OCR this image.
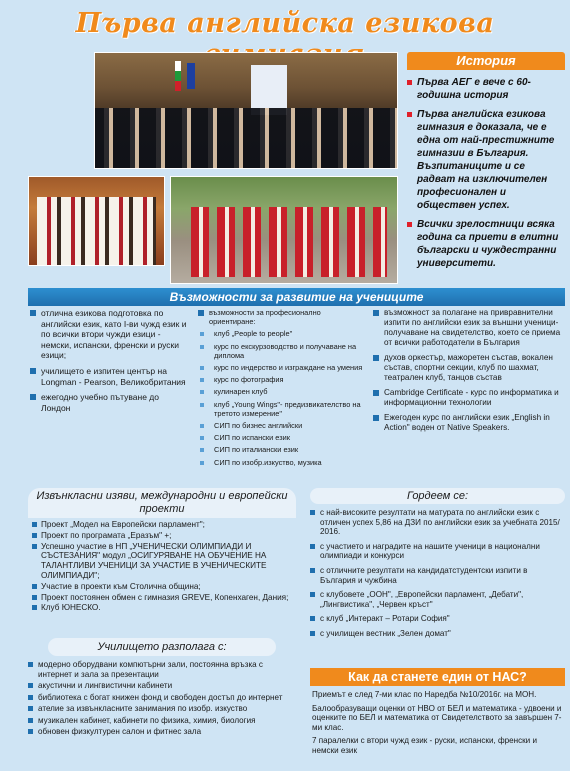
Първа английска езикова
История
Първа АЕГ е вече с 60-годишна история
Първа английска езикова гимназия е доказала, че е една от най-престижните гимназии в България. Възпитаниците и се радват на изключителен професионален и обществен успех.
Всички зрелостници всяка година са приети в елитни български и чуждестранни университети.
Възможности за развитие на учениците
отлична езикова подготовка по английски език, като I-ви чужд език и по всички втори чужди езици - немски, испански, френски и руски езици;
училището е изпитен център на Longman - Pearson, Великобритания
ежегодно учебно пътуване до Лондон
възможности за професионално ориентиране:
клуб „People to people"
курс по екскурзоводство и получаване на диплома
курс по индерство и изграждане на умения
курс по фотография
кулинарен клуб
клуб „Young Wings"- предизвикателство на третото измерение"
СИП по бизнес английски
СИП по испански език
СИП по италиански език
СИП по изобр.изкуство, музика
възможност за полагане на привравнителни изпити по английски език за външни ученици- получаване на свидетелство, което се приема от всички работодатели в България
духов оркестър, мажоретен състав, вокален състав, спортни секции, клуб по шахмат, театрален клуб, танцов състав
Cambridge Certificate - курс по информатика и информационни технологии
Ежегоден курс по английски език „English in Action" воден от Native Speakers.
Извънкласни изяви, международни и европейски проекти
Проект „Модел на Европейски парламент";
Проект по програмата „Еразъм" +;
Успешно участие в НП „УЧЕНИЧЕСКИ ОЛИМПИАДИ И СЪСТЕЗАНИЯ" модул „ОСИГУРЯВАНЕ НА ОБУЧЕНИЕ НА ТАЛАНТЛИВИ УЧЕНИЦИ ЗА УЧАСТИЕ В УЧЕНИЧЕСКИТЕ ОЛИМПИАДИ";
Участие в проекти към Столична община;
Проект постоянен обмен с гимназия GREVE, Копенхаген, Дания;
Клуб ЮНЕСКО.
Гордеем се:
с най-високите резултати на матурата по английски език с отличен успех 5,86 на ДЗИ по английски език за учебната 2015/ 2016.
с участието и наградите на нашите ученици в национални олимпиади и конкурси
с отличните резултати на кандидатстудентски изпити в България и чужбина
с клубовете „ООН", „Европейски парламент, „Дебати", „Лингвистика", „Червен кръст"
с клуб „Интеракт – Ротари София"
с училищен вестник „Зелен домат"
Училището разполага с:
модерно оборудвани компютърни зали, постоянна връзка с интернет и зала за презентации
акустични и лингвистични кабинети
библиотека с богат книжен фонд и свободен достъп до интернет
ателие за извънкласните занимания по изобр. изкуство
музикален кабинет, кабинети по физика, химия, биология
обновен физкултурен салон и фитнес зала
Как да станете един от НАС?

Приемът е след 7-ми клас по Наредба №10/2016г. на МОН.

Балообразуващи оценки от НВО от БЕЛ и математика - удвоени и оценките по БЕЛ и математика от Свидетелството за завършен 7-ми клас.

7 паралелки с втори чужд език - руски, испански, френски и немски език
